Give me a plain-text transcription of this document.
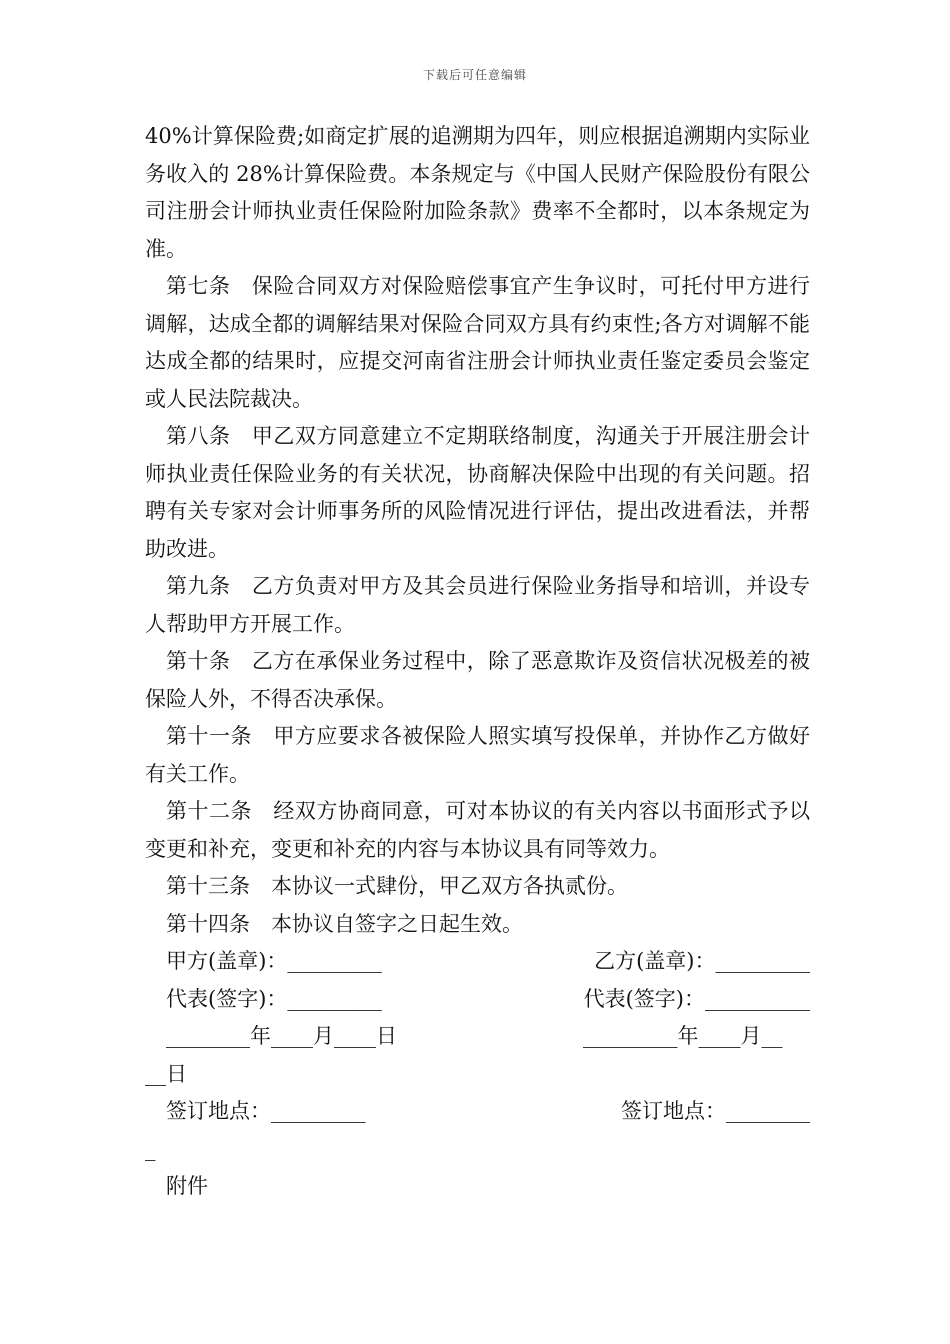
下载后可任意编辑

40%计算保险费;如商定扩展的追溯期为四年，则应根据追溯期内实际业务收入的 28%计算保险费。本条规定与《中国人民财产保险股份有限公司注册会计师执业责任保险附加险条款》费率不全都时，以本条规定为准。

第七条　保险合同双方对保险赔偿事宜产生争议时，可托付甲方进行调解，达成全都的调解结果对保险合同双方具有约束性;各方对调解不能达成全都的结果时，应提交河南省注册会计师执业责任鉴定委员会鉴定或人民法院裁决。

第八条　甲乙双方同意建立不定期联络制度，沟通关于开展注册会计师执业责任保险业务的有关状况，协商解决保险中出现的有关问题。招聘有关专家对会计师事务所的风险情况进行评估，提出改进看法，并帮助改进。

第九条　乙方负责对甲方及其会员进行保险业务指导和培训，并设专人帮助甲方开展工作。

第十条　乙方在承保业务过程中，除了恶意欺诈及资信状况极差的被保险人外，不得否决承保。

第十一条　甲方应要求各被保险人照实填写投保单，并协作乙方做好有关工作。

第十二条　经双方协商同意，可对本协议的有关内容以书面形式予以变更和补充，变更和补充的内容与本协议具有同等效力。

第十三条　本协议一式肆份，甲乙双方各执贰份。

第十四条　本协议自签字之日起生效。

甲方(盖章)：_________	乙方(盖章)：_________
代表(签字)：_________	代表(签字)：__________
________年____月____日	_________年____月__
__日
签订地点：_________	签订地点：________
_

附件
